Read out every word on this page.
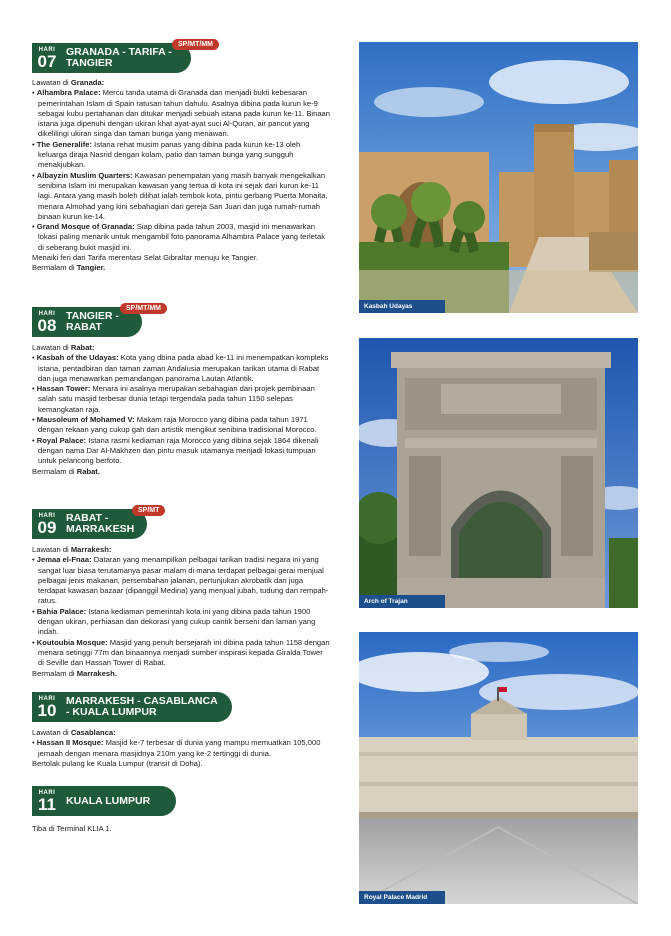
HARI
07 GRANADA - TARIFA - TANGIER
SP/MT/MM

Lawatan di Granada:

• Alhambra Palace: Mercu tanda utama di Granada dan menjadi bukti kebesaran pemerintahan Islam di Spain ratusan tahun dahulu. Asalnya dibina pada kurun ke-9 sebagai kubu pertahanan dan ditukar menjadi sebuah istana pada kurun ke-11. Binaan istana juga dipenuhi dengan ukiran khat ayat-ayat suci Al-Quran, air pancut yang dikelilingi ukiran singa dan taman bunga yang menawan.
• The Generalife: Istana rehat musim panas yang dibina pada kurun ke-13 oleh keluarga diraja Nasrid dengan kolam, patio dan taman bunga yang sungguh menakjubkan.
• Albayzin Muslim Quarters: Kawasan penempatan yang masih banyak mengekalkan senibina Islam ini merupakan kawasan yang tertua di kota ini sejak dari kurun ke-11 lagi. Antara yang masih boleh dilihat ialah tembok kota, pintu gerbang Puerta Monaita, menara Almohad yang kini sebahagian dari gereja San Juan dan juga rumah-rumah binaan kurun ke-14.
• Grand Mosque of Granada: Siap dibina pada tahun 2003, masjid ini menawarkan lokasi paling menarik untuk mengambil foto panorama Alhambra Palace yang terletak di seberang bukit masjid ini.

Menaiki feri dari Tarifa merentasi Selat Gibraltar menuju ke Tangier.

Bermalam di Tangier.

HARI
08 TANGIER - RABAT
SP/MT/MM

Lawatan di Rabat:

• Kasbah of the Udayas: Kota yang dbina pada abad ke-11 ini menempatkan kompleks istana, pentadbiran dan taman zaman Andalusia merupakan tarikan utama di Rabat dan juga menawarkan pemandangan panorama Lautan Atlantik.
• Hassan Tower: Menara ini asalnya merupakan sebahagian dari projek pembinaan salah satu masjid terbesar dunia tetapi tergendala pada tahun 1150 selepas kemangkatan raja.
• Mausoleum of Mohamed V: Makam raja Morocco yang dibina pada tahun 1971 dengan rekaan yang cukup gah dan artistik mengikut senibina tradisional Morocco.
• Royal Palace: Istana rasmi kediaman raja Morocco yang dibina sejak 1864 dikenali dengan nama Dar Al-Makhzen dan pintu masuk utamanya menjadi lokasi tumpuan untuk pelancong berfoto.

Bermalam di Rabat.

HARI
09 RABAT - MARRAKESH
SP/MT

Lawatan di Marrakesh:

• Jemaa el-Fnaa: Dataran yang menampilkan pelbagai tarikan tradisi negara ini yang sangat luar biasa terutamanya pasar malam di mana terdapat pelbagai gerai menjual pelbagai jenis makanan, persembahan jalanan, pertunjukan akrobatik dan juga terdapat kawasan bazaar (dipanggil Medina) yang menjual jubah, tudung dan rempah-ratus.
• Bahia Palace: Istana kediaman pemerintah kota ini yang dibina pada tahun 1900 dengan ukiran, perhiasan dan dekorasi yang cukup cantik berseni dan laman yang indah.
• Koutoubia Mosque: Masjid yang penuh bersejarah ini dibina pada tahun 1158 dengan menara setinggi 77m dan binaannya menjadi sumber inspirasi kepada Giralda Tower di Seville dan Hassan Tower di Rabat.

Bermalam di Marrakesh.

HARI
10 MARRAKESH - CASABLANCA - KUALA LUMPUR

Lawatan di Casablanca:

• Hassan II Mosque: Masjid ke-7 terbesar di dunia yang mampu memuatkan 105,000 jemaah dengan menara masjidnya 210m yang ke-2 tertinggi di dunia.

Bertolak pulang ke Kuala Lumpur (transit di Doha).

HARI
11 KUALA LUMPUR

Tiba di Terminal KLIA 1.

Kasbah Udayas
Arch of Trajan
Royal Palace Madrid
